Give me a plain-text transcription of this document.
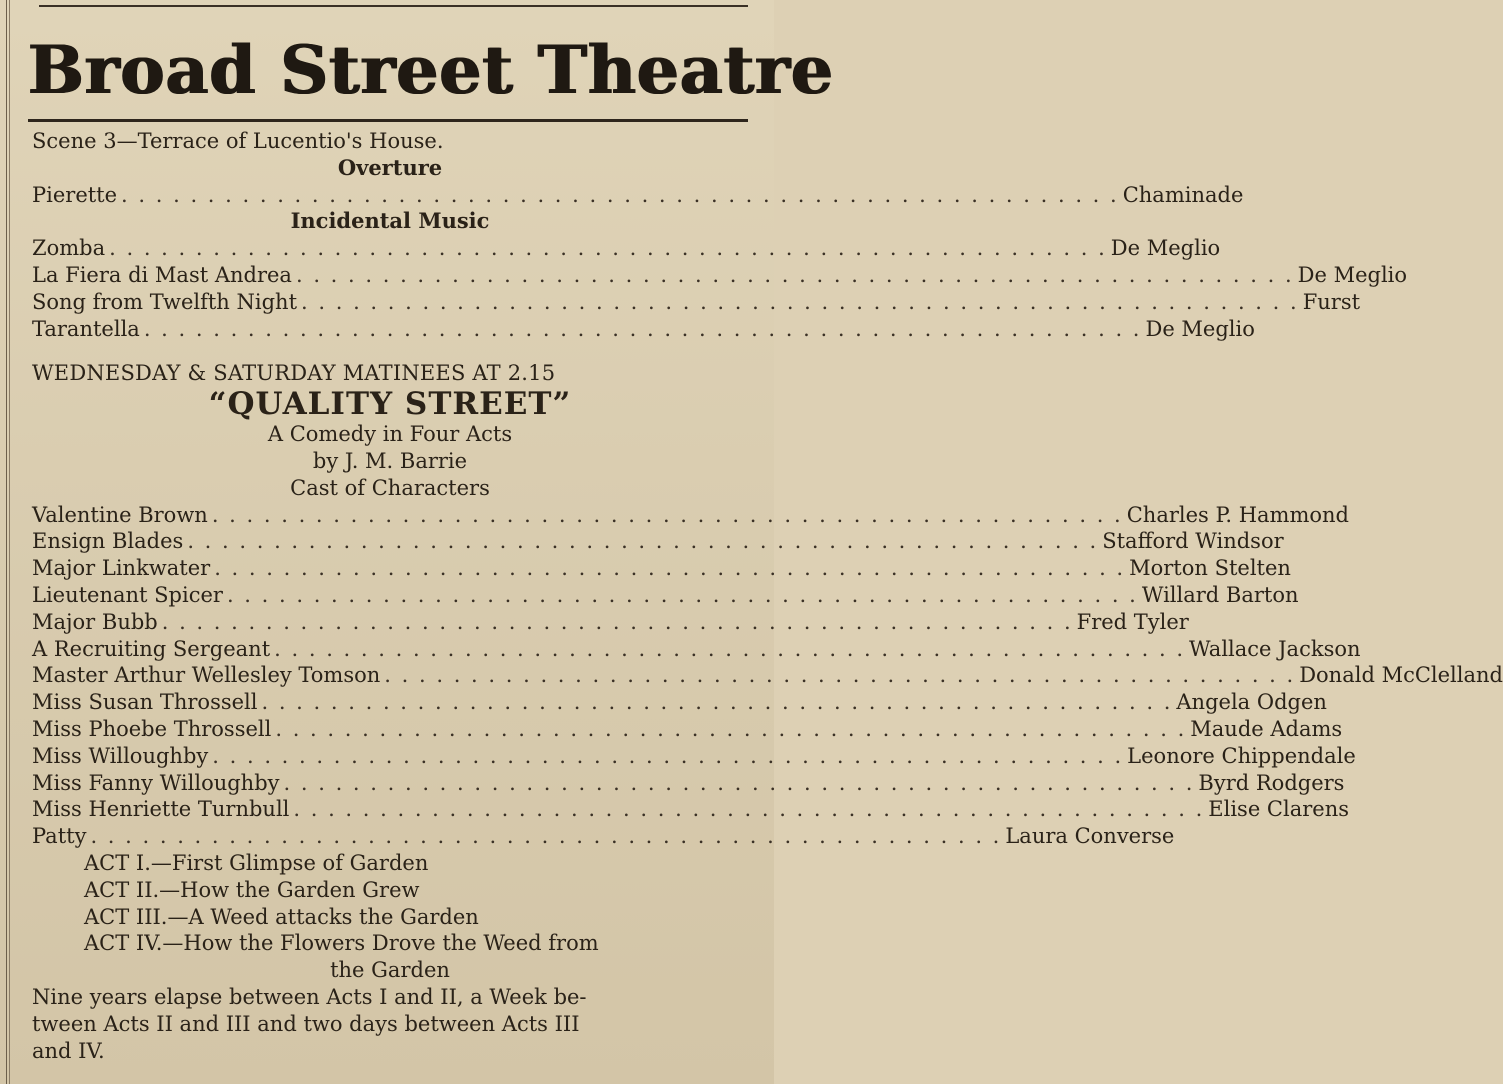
Broad Street Theatre
Scene 3—Terrace of Lucentio's House.
Overture
Pierette . . . . . . . . . . . . . . . . . . . . . . . . . . . . . . . . . . . . . . . . . . . . . . . . . . . . . . . . . . Chaminade
Incidental Music
Zomba . . . . . . . . . . . . . . . . . . . . . . . . . . . . . . . . . . . . . . . . . . . . . . . . . . . . . . . . . . De Meglio
La Fiera di Mast Andrea . . . . . . . . . . . . . . . . . . . . . . . . . . . . . . . . . . . . . . . . . . . . . . . . . . . . . . . . . . De Meglio
Song from Twelfth Night . . . . . . . . . . . . . . . . . . . . . . . . . . . . . . . . . . . . . . . . . . . . . . . . . . . . . . . . . . Furst
Tarantella . . . . . . . . . . . . . . . . . . . . . . . . . . . . . . . . . . . . . . . . . . . . . . . . . . . . . . . . . . De Meglio
WEDNESDAY & SATURDAY MATINEES AT 2.15
“QUALITY STREET”
A Comedy in Four Acts
by J. M. Barrie
Cast of Characters
Valentine Brown . . . . . . . . . . . . . . . . . . . . . . . . . . . . . . . . . . . . . . . . . . . . . . . . . . . . . Charles P. Hammond
Ensign Blades . . . . . . . . . . . . . . . . . . . . . . . . . . . . . . . . . . . . . . . . . . . . . . . . . . . . . Stafford Windsor
Major Linkwater . . . . . . . . . . . . . . . . . . . . . . . . . . . . . . . . . . . . . . . . . . . . . . . . . . . . . Morton Stelten
Lieutenant Spicer . . . . . . . . . . . . . . . . . . . . . . . . . . . . . . . . . . . . . . . . . . . . . . . . . . . . . Willard Barton
Major Bubb . . . . . . . . . . . . . . . . . . . . . . . . . . . . . . . . . . . . . . . . . . . . . . . . . . . . . Fred Tyler
A Recruiting Sergeant . . . . . . . . . . . . . . . . . . . . . . . . . . . . . . . . . . . . . . . . . . . . . . . . . . . . . Wallace Jackson
Master Arthur Wellesley Tomson . . . . . . . . . . . . . . . . . . . . . . . . . . . . . . . . . . . . . . . . . . . . . . . . . . . . . Donald McClelland
Miss Susan Throssell . . . . . . . . . . . . . . . . . . . . . . . . . . . . . . . . . . . . . . . . . . . . . . . . . . . . . Angela Odgen
Miss Phoebe Throssell . . . . . . . . . . . . . . . . . . . . . . . . . . . . . . . . . . . . . . . . . . . . . . . . . . . . . Maude Adams
Miss Willoughby . . . . . . . . . . . . . . . . . . . . . . . . . . . . . . . . . . . . . . . . . . . . . . . . . . . . . Leonore Chippendale
Miss Fanny Willoughby . . . . . . . . . . . . . . . . . . . . . . . . . . . . . . . . . . . . . . . . . . . . . . . . . . . . . Byrd Rodgers
Miss Henriette Turnbull . . . . . . . . . . . . . . . . . . . . . . . . . . . . . . . . . . . . . . . . . . . . . . . . . . . . . Elise Clarens
Patty . . . . . . . . . . . . . . . . . . . . . . . . . . . . . . . . . . . . . . . . . . . . . . . . . . . . . Laura Converse
ACT I.—First Glimpse of Garden
ACT II.—How the Garden Grew
ACT III.—A Weed attacks the Garden
ACT IV.—How the Flowers Drove the Weed from
the Garden
Nine years elapse between Acts I and II, a Week be-
tween Acts II and III and two days between Acts III
and IV.
